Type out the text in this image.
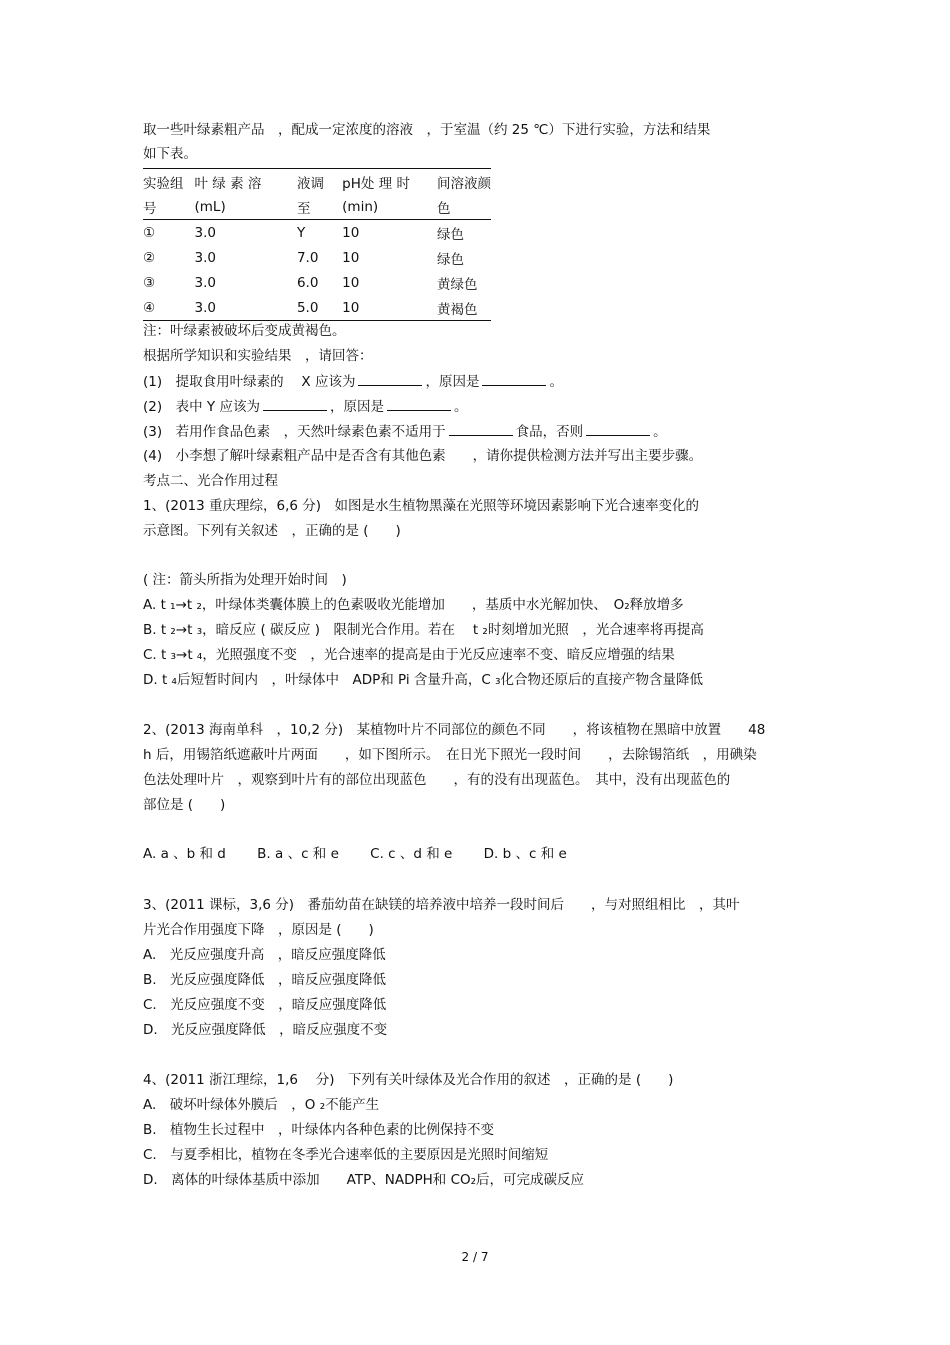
取一些叶绿素粗产品　，配成一定浓度的溶液　，于室温（约 25 ℃）下进行实验，方法和结果
如下表。
实验组	叶 绿 素 溶	液调	pH处 理 时	间溶液颜
号	(mL)	至	(min)	色
①	3.0	Y	10	绿色
②	3.0	7.0	10	绿色
③	3.0	6.0	10	黄绿色
④	3.0	5.0	10	黄褐色
注：叶绿素被破坏后变成黄褐色。
根据所学知识和实验结果　，请回答：
(1)　提取食用叶绿素的　 X 应该为	，原因是	。
(2)　表中 Y 应该为	，原因是	。
(3)　若用作食品色素　，天然叶绿素色素不适用于	食品，否则	。
(4)　小李想了解叶绿素粗产品中是否含有其他色素　　，请你提供检测方法并写出主要步骤。
考点二、光合作用过程
1、(2013 重庆理综，6,6 分)　如图是水生植物黑藻在光照等环境因素影响下光合速率变化的
示意图。下列有关叙述　，正确的是 (　　)
( 注：箭头所指为处理开始时间　)
A. t ₁→t ₂，叶绿体类囊体膜上的色素吸收光能增加　　，基质中水光解加快、　O₂释放增多
B. t ₂→t ₃，暗反应 ( 碳反应 )　限制光合作用。若在　 t ₂时刻增加光照　，光合速率将再提高
C. t ₃→t ₄，光照强度不变　，光合速率的提高是由于光反应速率不变、暗反应增强的结果
D. t ₄后短暂时间内　，叶绿体中　ADP和 Pi 含量升高，C ₃化合物还原后的直接产物含量降低
2、(2013 海南单科　，10,2 分)　某植物叶片不同部位的颜色不同　　，将该植物在黑暗中放置　　48
h 后，用锡箔纸遮蔽叶片两面　　，如下图所示。　在日光下照光一段时间　　，去除锡箔纸　，用碘染
色法处理叶片　，观察到叶片有的部位出现蓝色　　，有的没有出现蓝色。　其中，没有出现蓝色的
部位是 (　　)
A. a 、b 和 d　　 B. a 、c 和 e　　 C. c 、d 和 e　　 D. b 、c 和 e
3、(2011 课标，3,6 分)　番茄幼苗在缺镁的培养液中培养一段时间后　　，与对照组相比　，其叶
片光合作用强度下降　，原因是 (　　)
A.　光反应强度升高　，暗反应强度降低
B.　光反应强度降低　，暗反应强度降低
C.　光反应强度不变　，暗反应强度降低
D.　光反应强度降低　，暗反应强度不变
4、(2011 浙江理综，1,6　 分)　下列有关叶绿体及光合作用的叙述　，正确的是 (　　)
A.　破坏叶绿体外膜后　，O ₂不能产生
B.　植物生长过程中　，叶绿体内各种色素的比例保持不变
C.　与夏季相比，植物在冬季光合速率低的主要原因是光照时间缩短
D.　离体的叶绿体基质中添加　　ATP、NADPH和 CO₂后，可完成碳反应
2 / 7
